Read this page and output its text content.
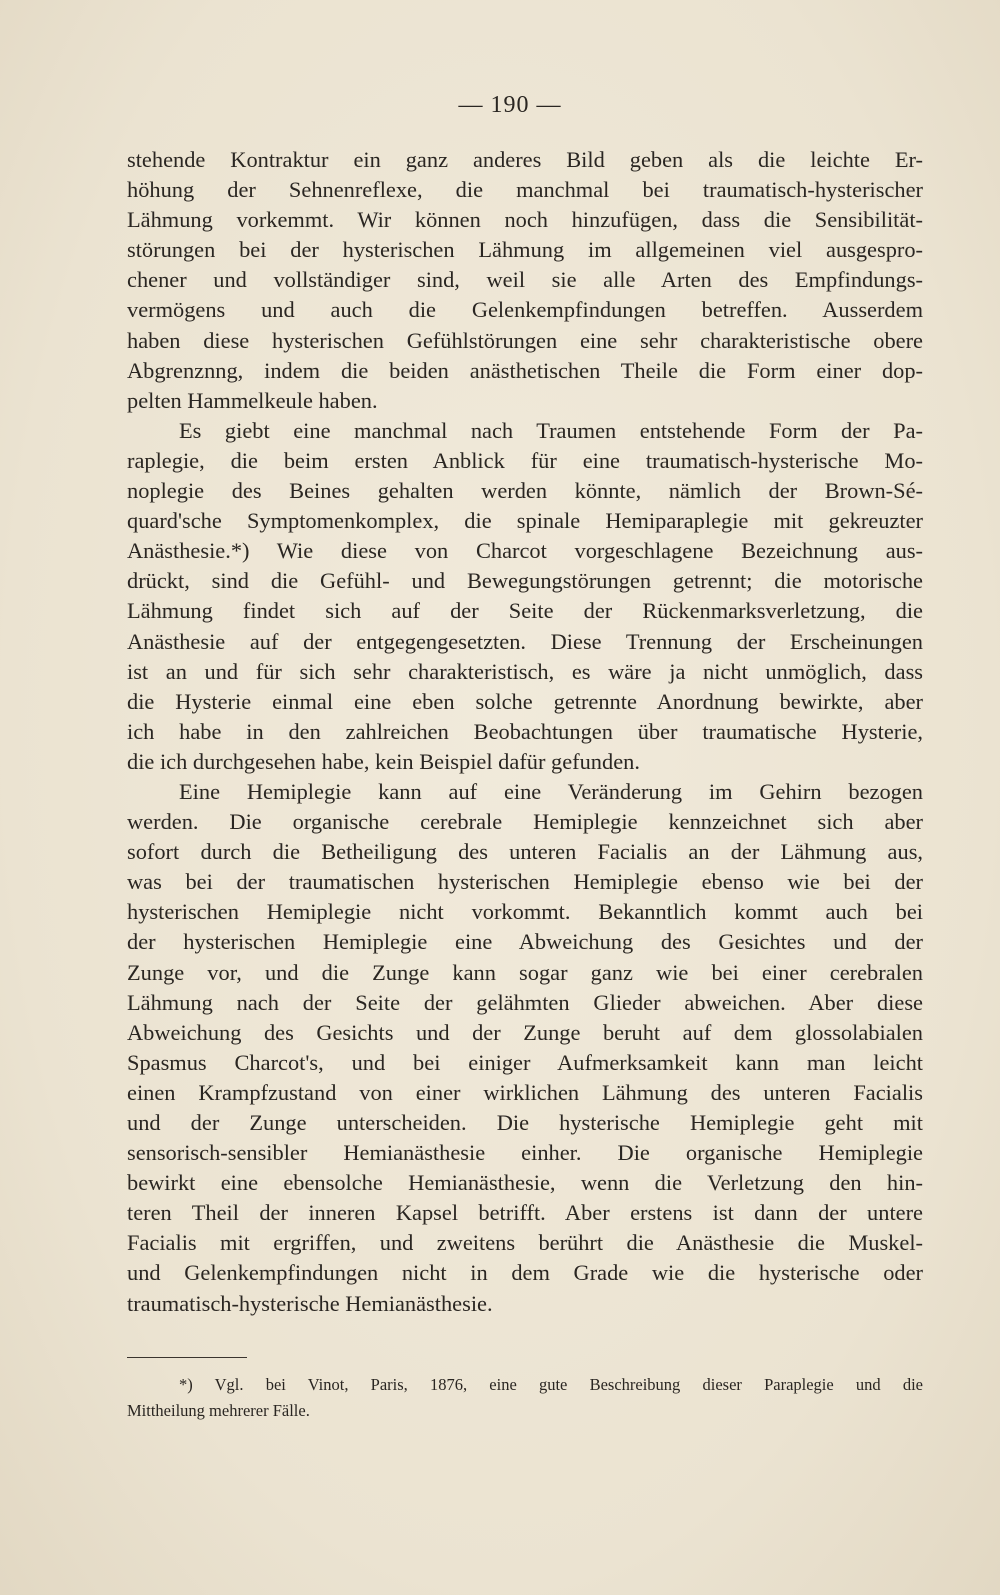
— 190 —
stehende Kontraktur ein ganz anderes Bild geben als die leichte Er-
höhung der Sehnenreflexe, die manchmal bei traumatisch-hysterischer
Lähmung vorkemmt. Wir können noch hinzufügen, dass die Sensibilität-
störungen bei der hysterischen Lähmung im allgemeinen viel ausgespro-
chener und vollständiger sind, weil sie alle Arten des Empfindungs-
vermögens und auch die Gelenkempfindungen betreffen. Ausserdem
haben diese hysterischen Gefühlstörungen eine sehr charakteristische obere
Abgrenznng, indem die beiden anästhetischen Theile die Form einer dop-
pelten Hammelkeule haben.
Es giebt eine manchmal nach Traumen entstehende Form der Pa-
raplegie, die beim ersten Anblick für eine traumatisch-hysterische Mo-
noplegie des Beines gehalten werden könnte, nämlich der Brown-Sé-
quard'sche Symptomenkomplex, die spinale Hemiparaplegie mit gekreuzter
Anästhesie.*) Wie diese von Charcot vorgeschlagene Bezeichnung aus-
drückt, sind die Gefühl- und Bewegungstörungen getrennt; die motorische
Lähmung findet sich auf der Seite der Rückenmarksverletzung, die
Anästhesie auf der entgegengesetzten. Diese Trennung der Erscheinungen
ist an und für sich sehr charakteristisch, es wäre ja nicht unmöglich, dass
die Hysterie einmal eine eben solche getrennte Anordnung bewirkte, aber
ich habe in den zahlreichen Beobachtungen über traumatische Hysterie,
die ich durchgesehen habe, kein Beispiel dafür gefunden.
Eine Hemiplegie kann auf eine Veränderung im Gehirn bezogen
werden. Die organische cerebrale Hemiplegie kennzeichnet sich aber
sofort durch die Betheiligung des unteren Facialis an der Lähmung aus,
was bei der traumatischen hysterischen Hemiplegie ebenso wie bei der
hysterischen Hemiplegie nicht vorkommt. Bekanntlich kommt auch bei
der hysterischen Hemiplegie eine Abweichung des Gesichtes und der
Zunge vor, und die Zunge kann sogar ganz wie bei einer cerebralen
Lähmung nach der Seite der gelähmten Glieder abweichen. Aber diese
Abweichung des Gesichts und der Zunge beruht auf dem glossolabialen
Spasmus Charcot's, und bei einiger Aufmerksamkeit kann man leicht
einen Krampfzustand von einer wirklichen Lähmung des unteren Facialis
und der Zunge unterscheiden. Die hysterische Hemiplegie geht mit
sensorisch-sensibler Hemianästhesie einher. Die organische Hemiplegie
bewirkt eine ebensolche Hemianästhesie, wenn die Verletzung den hin-
teren Theil der inneren Kapsel betrifft. Aber erstens ist dann der untere
Facialis mit ergriffen, und zweitens berührt die Anästhesie die Muskel-
und Gelenkempfindungen nicht in dem Grade wie die hysterische oder
traumatisch-hysterische Hemianästhesie.
*) Vgl. bei Vinot, Paris, 1876, eine gute Beschreibung dieser Paraplegie und die
Mittheilung mehrerer Fälle.
